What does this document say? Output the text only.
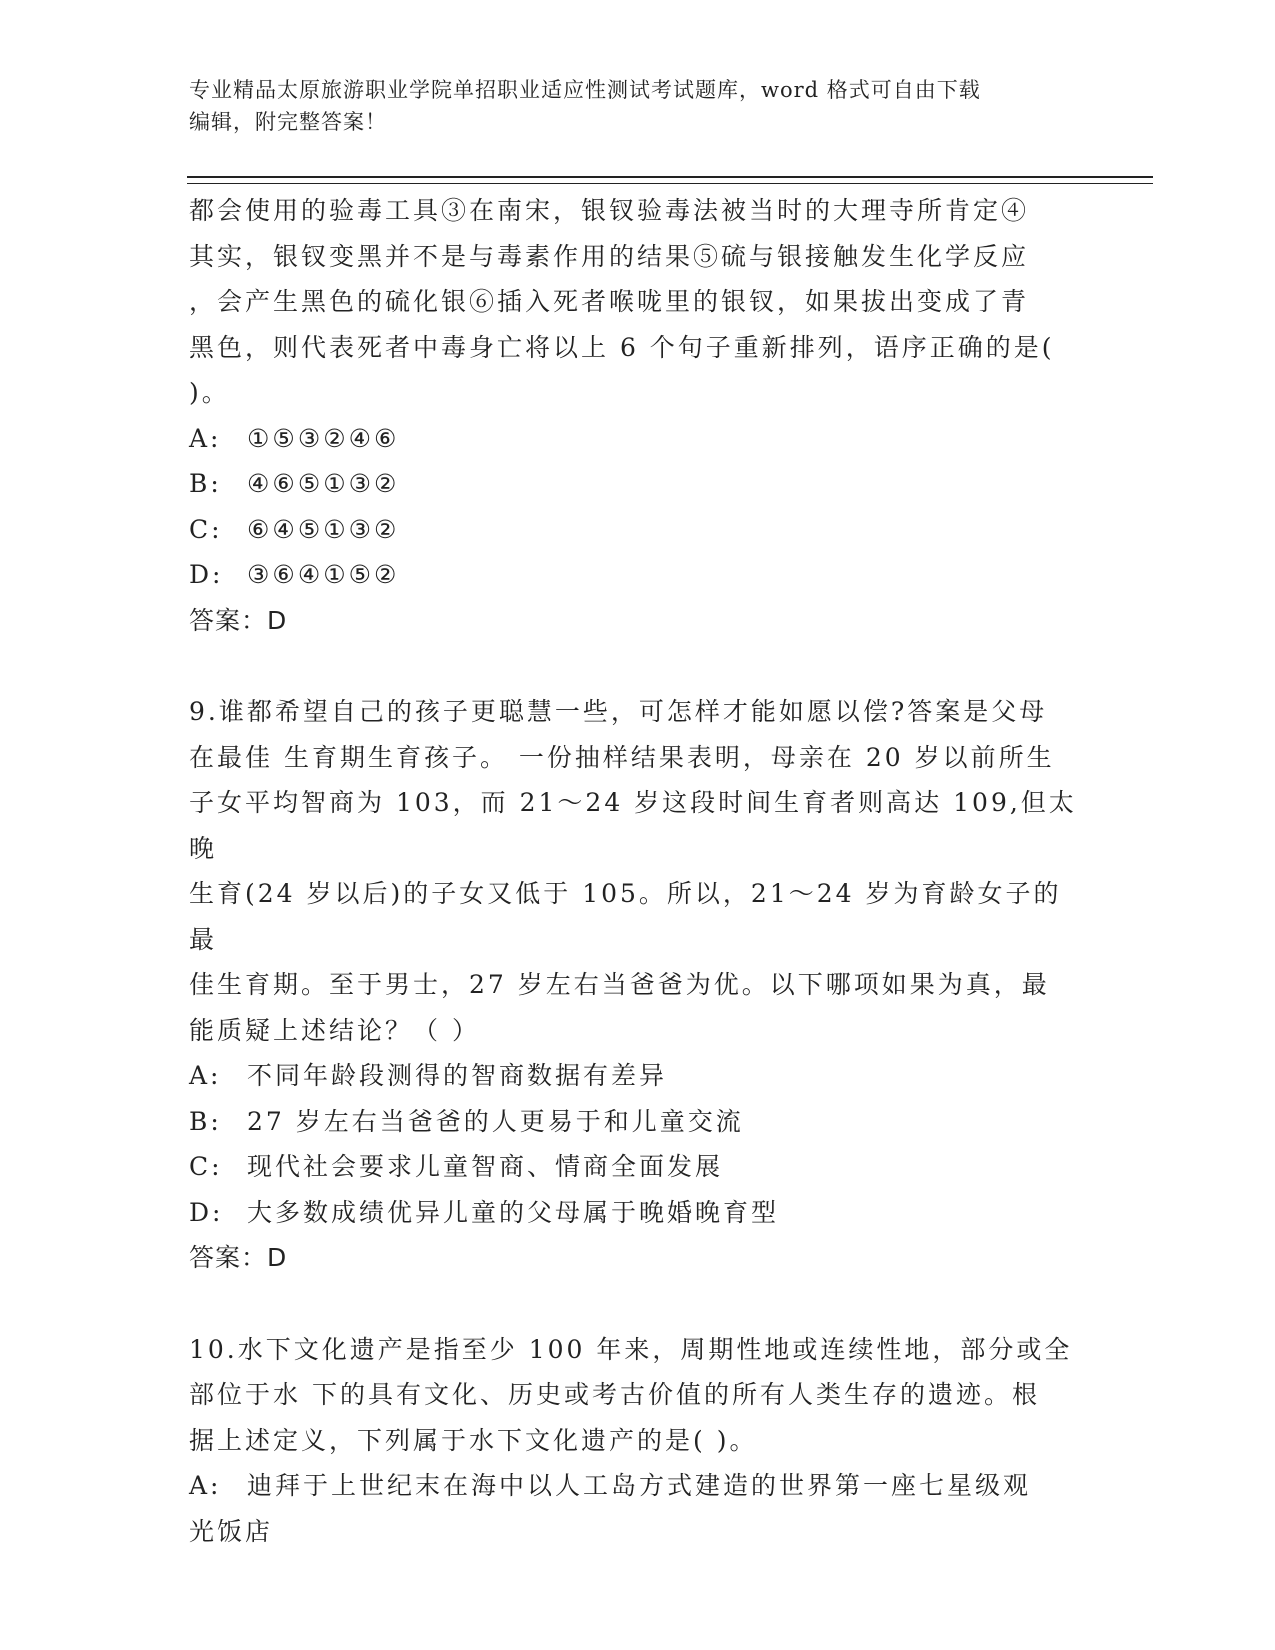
专业精品太原旅游职业学院单招职业适应性测试考试题库，word 格式可自由下载
编辑，附完整答案！

都会使用的验毒工具③在南宋，银钗验毒法被当时的大理寺所肯定④

其实，银钗变黑并不是与毒素作用的结果⑤硫与银接触发生化学反应

，会产生黑色的硫化银⑥插入死者喉咙里的银钗，如果拔出变成了青

黑色，则代表死者中毒身亡将以上 6 个句子重新排列，语序正确的是(

)。

A:	①⑤③②④⑥
B:	④⑥⑤①③②
C: ⑥④⑤①③②
D: ③⑥④①⑤②

答案：D

9.谁都希望自己的孩子更聪慧一些，可怎样才能如愿以偿?答案是父母

在最佳 生育期生育孩子。 一份抽样结果表明，母亲在 20 岁以前所生

子女平均智商为 103，而 21～24 岁这段时间生育者则高达 109,但太晚

生育(24 岁以后)的子女又低于 105。所以，21～24 岁为育龄女子的最

佳生育期。至于男士，27 岁左右当爸爸为优。以下哪项如果为真，最

能质疑上述结论？（ ）

A:	不同年龄段测得的智商数据有差异
B:	27 岁左右当爸爸的人更易于和儿童交流
C: 现代社会要求儿童智商、情商全面发展
D: 大多数成绩优异儿童的父母属于晚婚晚育型

答案：D

10.水下文化遗产是指至少 100 年来，周期性地或连续性地，部分或全

部位于水 下的具有文化、历史或考古价值的所有人类生存的遗迹。根

据上述定义，下列属于水下文化遗产的是( )。

A:	迪拜于上世纪末在海中以人工岛方式建造的世界第一座七星级观

光饭店
